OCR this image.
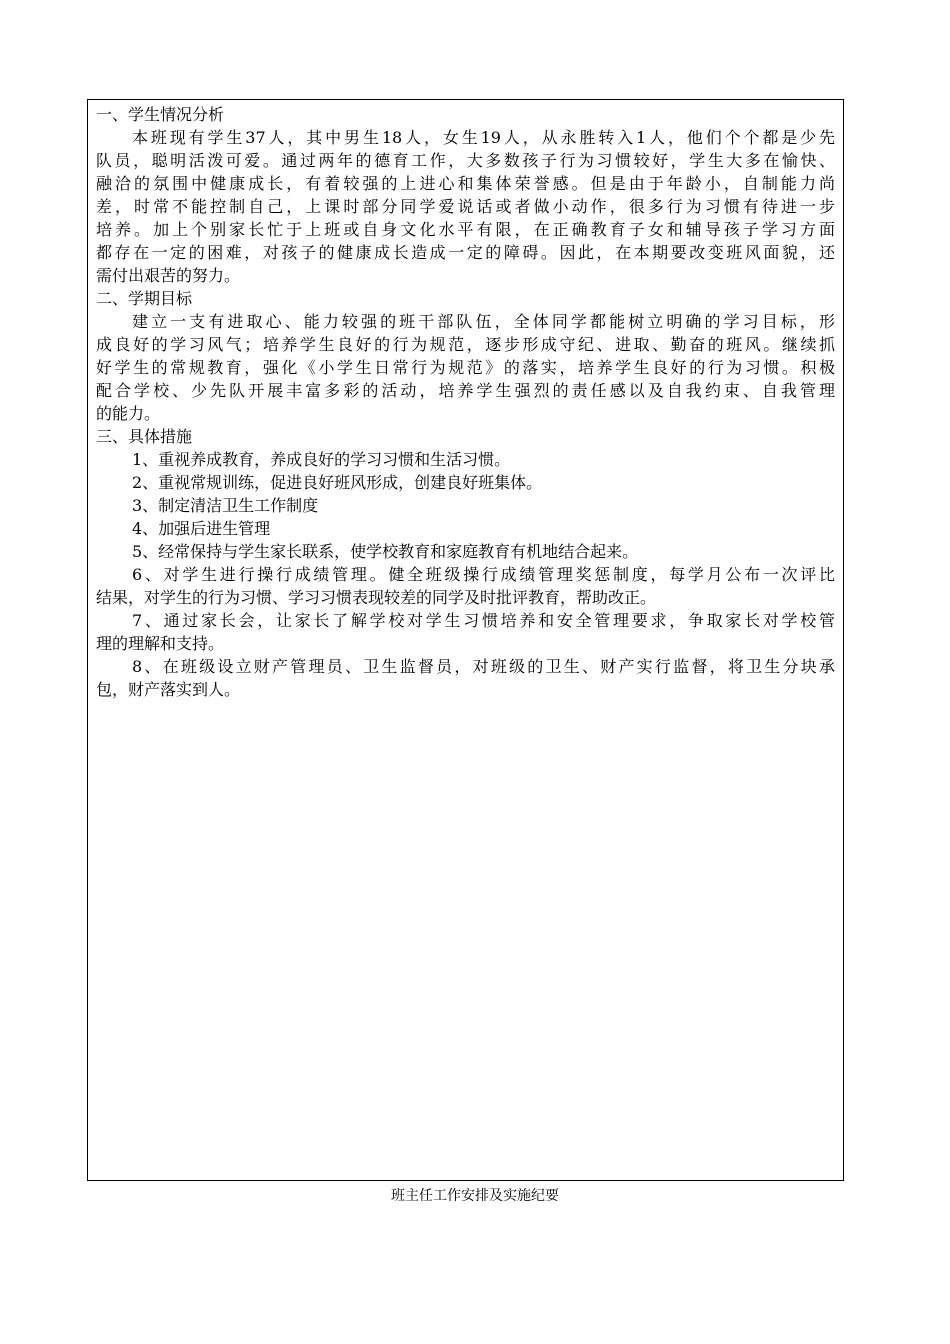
一、学生情况分析
本班现有学生37人，其中男生18人，女生19人，从永胜转入1人，他们个个都是少先
队员，聪明活泼可爱。通过两年的德育工作，大多数孩子行为习惯较好，学生大多在愉快、
融洽的氛围中健康成长，有着较强的上进心和集体荣誉感。但是由于年龄小，自制能力尚
差，时常不能控制自己，上课时部分同学爱说话或者做小动作，很多行为习惯有待进一步
培养。加上个别家长忙于上班或自身文化水平有限，在正确教育子女和辅导孩子学习方面
都存在一定的困难，对孩子的健康成长造成一定的障碍。因此，在本期要改变班风面貌，还
需付出艰苦的努力。
二、学期目标
建立一支有进取心、能力较强的班干部队伍，全体同学都能树立明确的学习目标，形
成良好的学习风气；培养学生良好的行为规范，逐步形成守纪、进取、勤奋的班风。继续抓
好学生的常规教育，强化《小学生日常行为规范》的落实，培养学生良好的行为习惯。积极
配合学校、少先队开展丰富多彩的活动，培养学生强烈的责任感以及自我约束、自我管理
的能力。
三、具体措施
1、重视养成教育，养成良好的学习习惯和生活习惯。
2、重视常规训练，促进良好班风形成，创建良好班集体。
3、制定清洁卫生工作制度
4、加强后进生管理
5、经常保持与学生家长联系，使学校教育和家庭教育有机地结合起来。
6、对学生进行操行成绩管理。健全班级操行成绩管理奖惩制度，每学月公布一次评比
结果，对学生的行为习惯、学习习惯表现较差的同学及时批评教育，帮助改正。
7、通过家长会，让家长了解学校对学生习惯培养和安全管理要求，争取家长对学校管
理的理解和支持。
8、在班级设立财产管理员、卫生监督员，对班级的卫生、财产实行监督，将卫生分块承
包，财产落实到人。
班主任工作安排及实施纪要
